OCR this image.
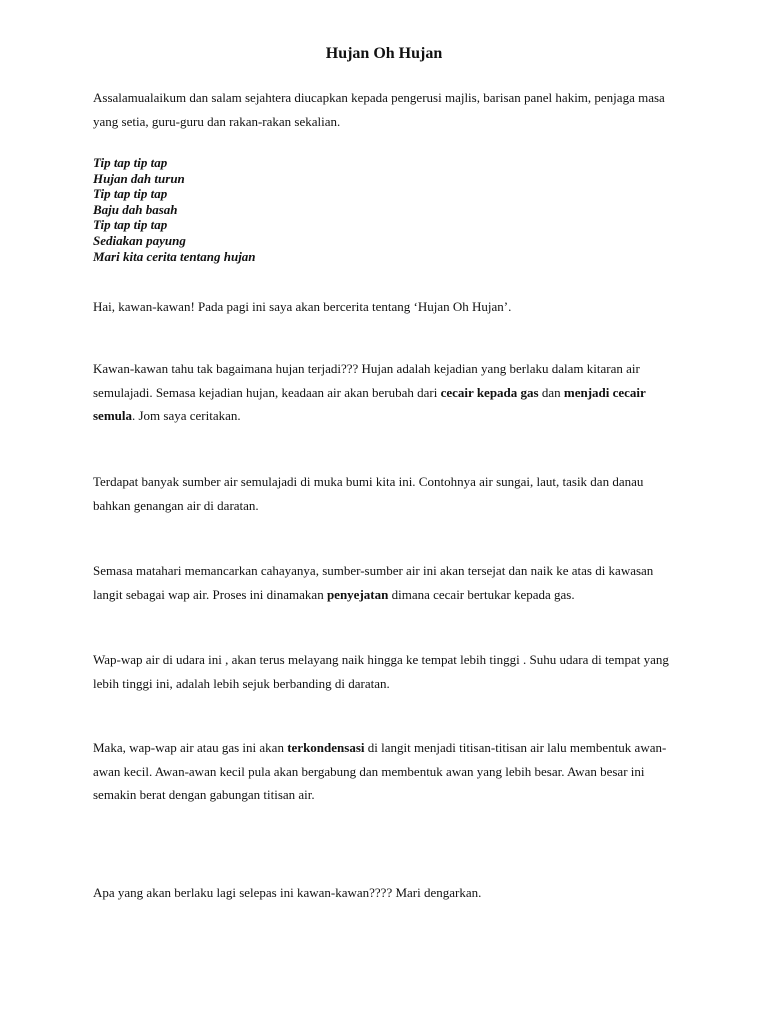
Hujan Oh Hujan
Assalamualaikum dan salam sejahtera diucapkan kepada pengerusi majlis, barisan panel hakim, penjaga masa yang setia, guru-guru dan rakan-rakan sekalian.
Tip tap tip tap
Hujan dah turun
Tip tap tip tap
Baju dah basah
Tip tap tip tap
Sediakan payung
Mari kita cerita tentang hujan
Hai, kawan-kawan! Pada pagi ini saya akan bercerita tentang ‘Hujan Oh Hujan’.
Kawan-kawan tahu tak bagaimana hujan terjadi??? Hujan adalah kejadian yang berlaku dalam kitaran air semulajadi. Semasa kejadian hujan, keadaan air akan berubah dari cecair kepada gas dan menjadi cecair semula. Jom saya ceritakan.
Terdapat banyak sumber air semulajadi di muka bumi kita ini. Contohnya air sungai, laut, tasik dan danau bahkan genangan air di daratan.
Semasa matahari memancarkan cahayanya, sumber-sumber air ini akan tersejat dan naik ke atas di kawasan langit sebagai wap air. Proses ini dinamakan penyejatan dimana cecair bertukar kepada gas.
Wap-wap air di udara ini , akan terus melayang naik hingga ke tempat lebih tinggi . Suhu udara di tempat yang lebih tinggi ini, adalah lebih sejuk berbanding di daratan.
Maka, wap-wap air atau gas ini akan terkondensasi di langit menjadi titisan-titisan air lalu membentuk awan- awan kecil. Awan-awan kecil pula akan bergabung dan membentuk awan yang lebih besar. Awan besar ini semakin berat dengan gabungan titisan air.
Apa yang akan berlaku lagi selepas ini kawan-kawan???? Mari dengarkan.
